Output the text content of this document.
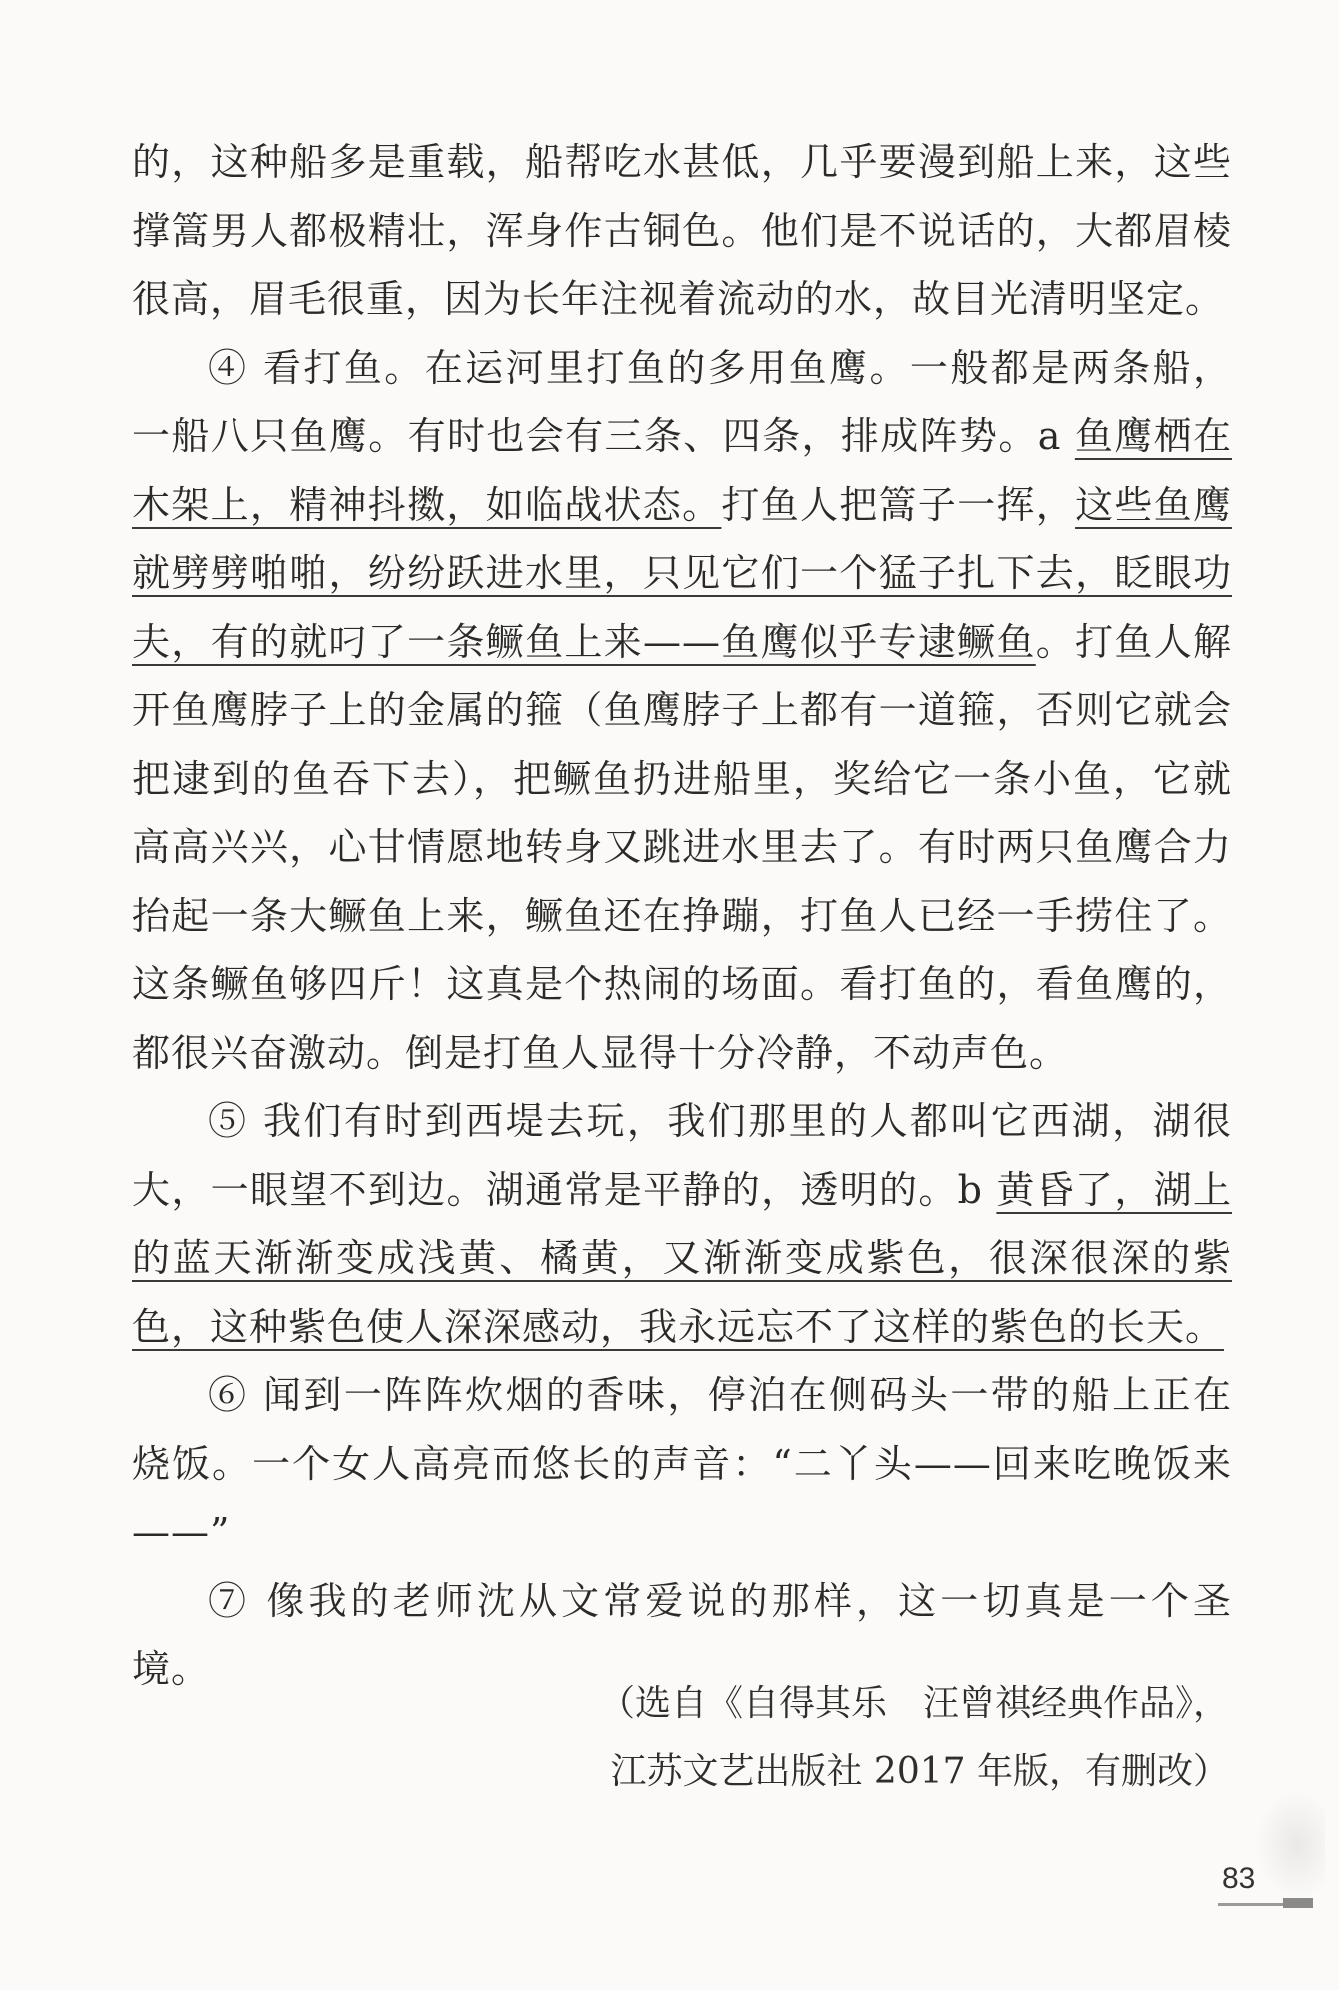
的，这种船多是重载，船帮吃水甚低，几乎要漫到船上来，这些撑篙男人都极精壮，浑身作古铜色。他们是不说话的，大都眉棱很高，眉毛很重，因为长年注视着流动的水，故目光清明坚定。

④ 看打鱼。在运河里打鱼的多用鱼鹰。一般都是两条船，一船八只鱼鹰。有时也会有三条、四条，排成阵势。a 鱼鹰栖在木架上，精神抖擞，如临战状态。打鱼人把篙子一挥，这些鱼鹰就劈劈啪啪，纷纷跃进水里，只见它们一个猛子扎下去，眨眼功夫，有的就叼了一条鳜鱼上来——鱼鹰似乎专逮鳜鱼。打鱼人解开鱼鹰脖子上的金属的箍（鱼鹰脖子上都有一道箍，否则它就会把逮到的鱼吞下去），把鳜鱼扔进船里，奖给它一条小鱼，它就高高兴兴，心甘情愿地转身又跳进水里去了。有时两只鱼鹰合力抬起一条大鳜鱼上来，鳜鱼还在挣蹦，打鱼人已经一手捞住了。这条鳜鱼够四斤！这真是个热闹的场面。看打鱼的，看鱼鹰的，都很兴奋激动。倒是打鱼人显得十分冷静，不动声色。

⑤ 我们有时到西堤去玩，我们那里的人都叫它西湖，湖很大，一眼望不到边。湖通常是平静的，透明的。b 黄昏了，湖上的蓝天渐渐变成浅黄、橘黄，又渐渐变成紫色，很深很深的紫色，这种紫色使人深深感动，我永远忘不了这样的紫色的长天。

⑥ 闻到一阵阵炊烟的香味，停泊在侧码头一带的船上正在烧饭。一个女人高亮而悠长的声音：“二丫头——回来吃晚饭来——”

⑦ 像我的老师沈从文常爱说的那样，这一切真是一个圣境。

（选自《自得其乐　汪曾祺经典作品》，
江苏文艺出版社 2017 年版，有删改）
83
